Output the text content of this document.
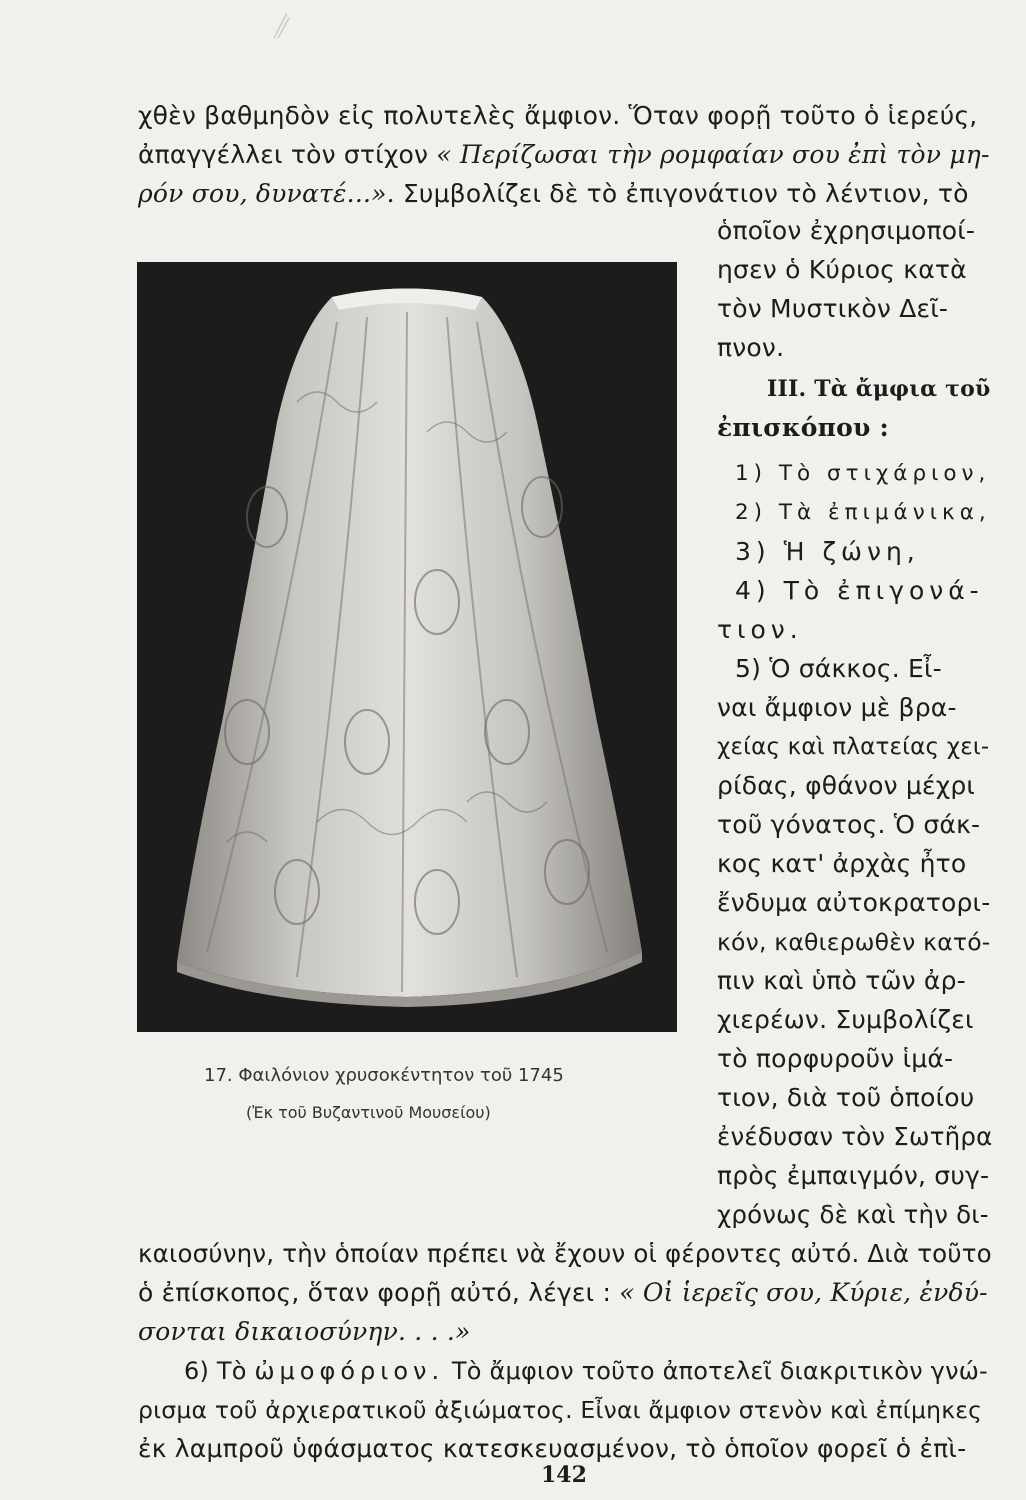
χθὲν βαθμηδὸν εἰς πολυτελὲς ἄμφιον. Ὅταν φορῇ τοῦτο ὁ ἱερεύς,
ἀπαγγέλλει τὸν στίχον « Περίζωσαι τὴν ρομφαίαν σου ἐπὶ τὸν μη-
ρόν σου, δυνατέ...». Συμβολίζει δὲ τὸ ἐπιγονάτιον τὸ λέντιον, τὸ
17. Φαιλόνιον χρυσοκέντητον τοῦ 1745
(Ἐκ τοῦ Βυζαντινοῦ Μουσείου)
ὁποῖον ἐχρησιμοποί-
ησεν ὁ Κύριος κατὰ
τὸν Μυστικὸν Δεῖ-
πνον.
ΙΙΙ. Τὰ ἄμφια τοῦ
ἐπισκόπου :
1) Τὸ στιχάριον,
2) Τὰ ἐπιμάνικα,
3) Ἡ ζώνη,
4) Τὸ ἐπιγονά-
τιον.
5) Ὁ σάκκος. Εἶ-
ναι ἄμφιον μὲ βρα-
χείας καὶ πλατείας χει-
ρίδας, φθάνον μέχρι
τοῦ γόνατος. Ὁ σάκ-
κος κατ' ἀρχὰς ἦτο
ἔνδυμα αὐτοκρατορι-
κόν, καθιερωθὲν κατό-
πιν καὶ ὑπὸ τῶν ἀρ-
χιερέων. Συμβολίζει
τὸ πορφυροῦν ἱμά-
τιον, διὰ τοῦ ὁποίου
ἐνέδυσαν τὸν Σωτῆρα
πρὸς ἐμπαιγμόν, συγ-
χρόνως δὲ καὶ τὴν δι-
καιοσύνην, τὴν ὁποίαν πρέπει νὰ ἔχουν οἱ φέροντες αὐτό. Διὰ τοῦτο
ὁ ἐπίσκοπος, ὅταν φορῇ αὐτό, λέγει : « Οἱ ἱερεῖς σου, Κύριε, ἐνδύ-
σονται δικαιοσύνην. . . .»
6) Τὸ ὠμοφόριον. Τὸ ἄμφιον τοῦτο ἀποτελεῖ διακριτικὸν γνώ-
ρισμα τοῦ ἀρχιερατικοῦ ἀξιώματος. Εἶναι ἄμφιον στενὸν καὶ ἐπίμηκες
ἐκ λαμπροῦ ὑφάσματος κατεσκευασμένον, τὸ ὁποῖον φορεῖ ὁ ἐπὶ-
142
